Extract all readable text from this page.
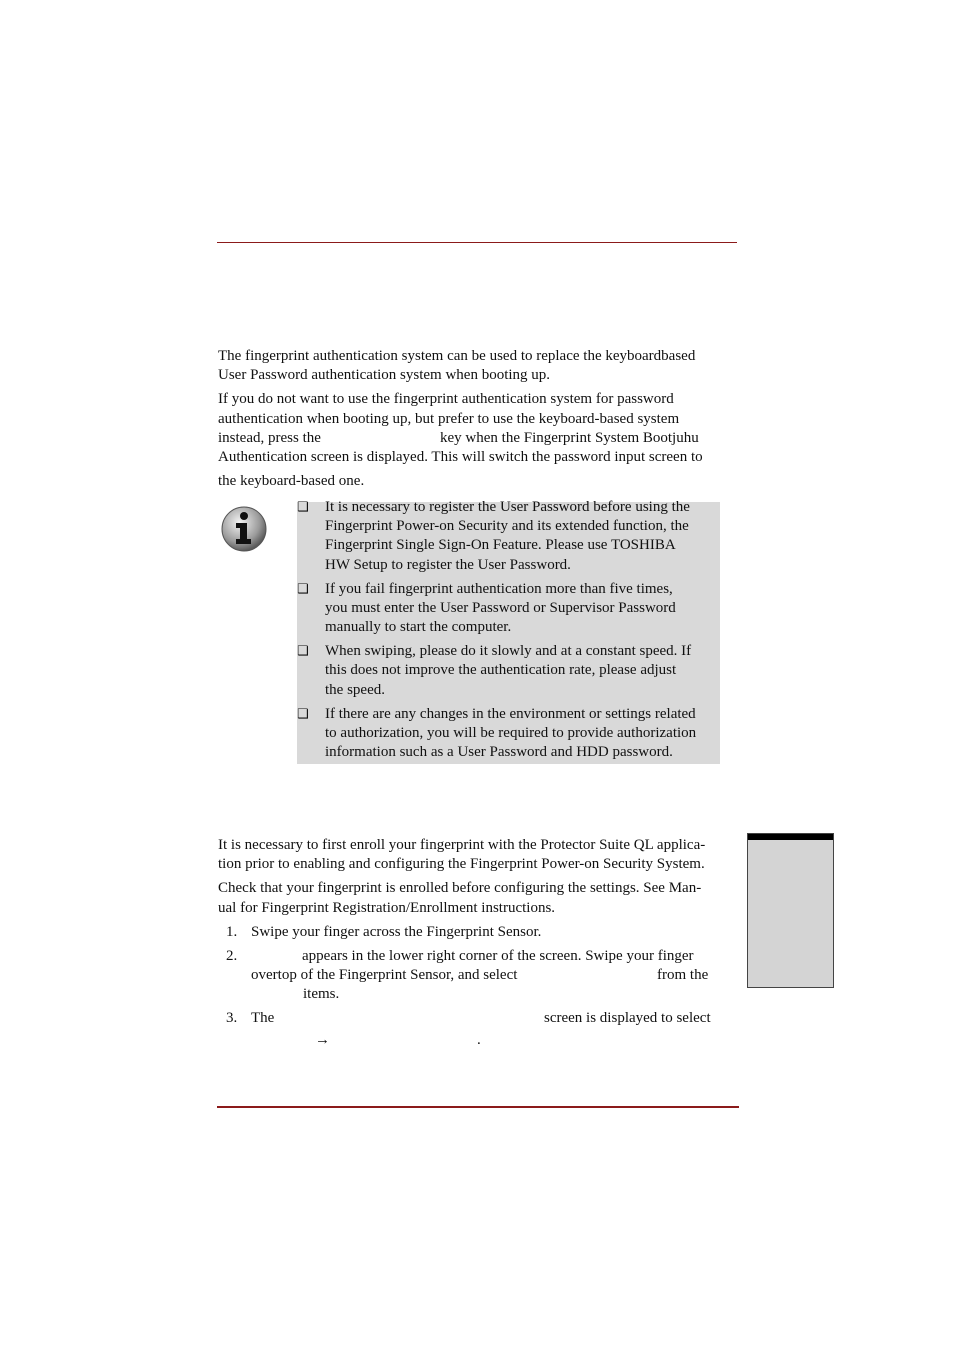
The fingerprint authentication system can be used to replace the keyboardbased

User Password authentication system when booting up.

If you do not want to use the fingerprint authentication system for password

authentication when booting up, but prefer to use the keyboard-based system

instead, press the	key when the Fingerprint System Bootjuhu

Authentication screen is displayed. This will switch the password input screen to

the keyboard-based one.

❑ It is necessary to register the User Password before using the

Fingerprint Power-on Security and its extended function, the

Fingerprint Single Sign-On Feature. Please use TOSHIBA

HW Setup to register the User Password.

❑ If you fail fingerprint authentication more than five times,

you must enter the User Password or Supervisor Password

manually to start the computer.

❑ When swiping, please do it slowly and at a constant speed. If

this does not improve the authentication rate, please adjust

the speed.

❑ If there are any changes in the environment or settings related

to authorization, you will be required to provide authorization

information such as a User Password and HDD password.

It is necessary to first enroll your fingerprint with the Protector Suite QL applica-

tion prior to enabling and configuring the Fingerprint Power-on Security System.

Check that your fingerprint is enrolled before configuring the settings. See Man-

ual for Fingerprint Registration/Enrollment instructions.

1. Swipe your finger across the Fingerprint Sensor.

2.	appears in the lower right corner of the screen. Swipe your finger

overtop of the Fingerprint Sensor, and select	from the
items.
3. The	screen is displayed to select
→	.
